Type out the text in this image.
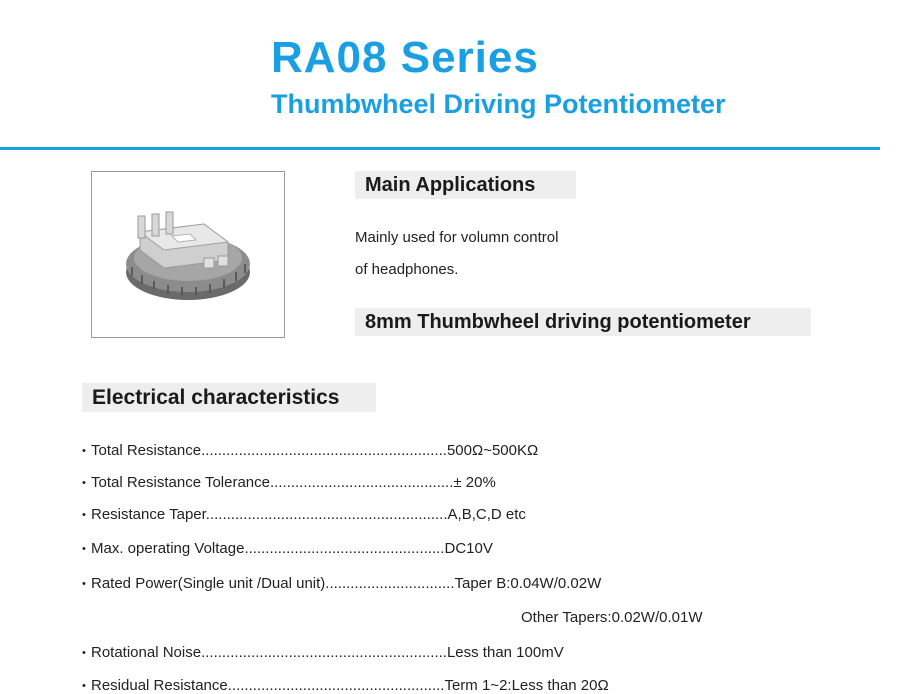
RA08 Series
Thumbwheel Driving Potentiometer
Main Applications
Mainly used for volumn control
of headphones.
8mm Thumbwheel driving potentiometer
Electrical characteristics
• Total Resistance...........................................................500Ω~500KΩ
• Total Resistance Tolerance............................................± 20%
• Resistance Taper..........................................................A,B,C,D etc
• Max. operating Voltage................................................DC10V
• Rated Power(Single unit /Dual unit)...............................Taper B:0.04W/0.02W
Other Tapers:0.02W/0.01W
• Rotational Noise...........................................................Less than 100mV
• Residual Resistance....................................................Term 1~2:Less than 20Ω
